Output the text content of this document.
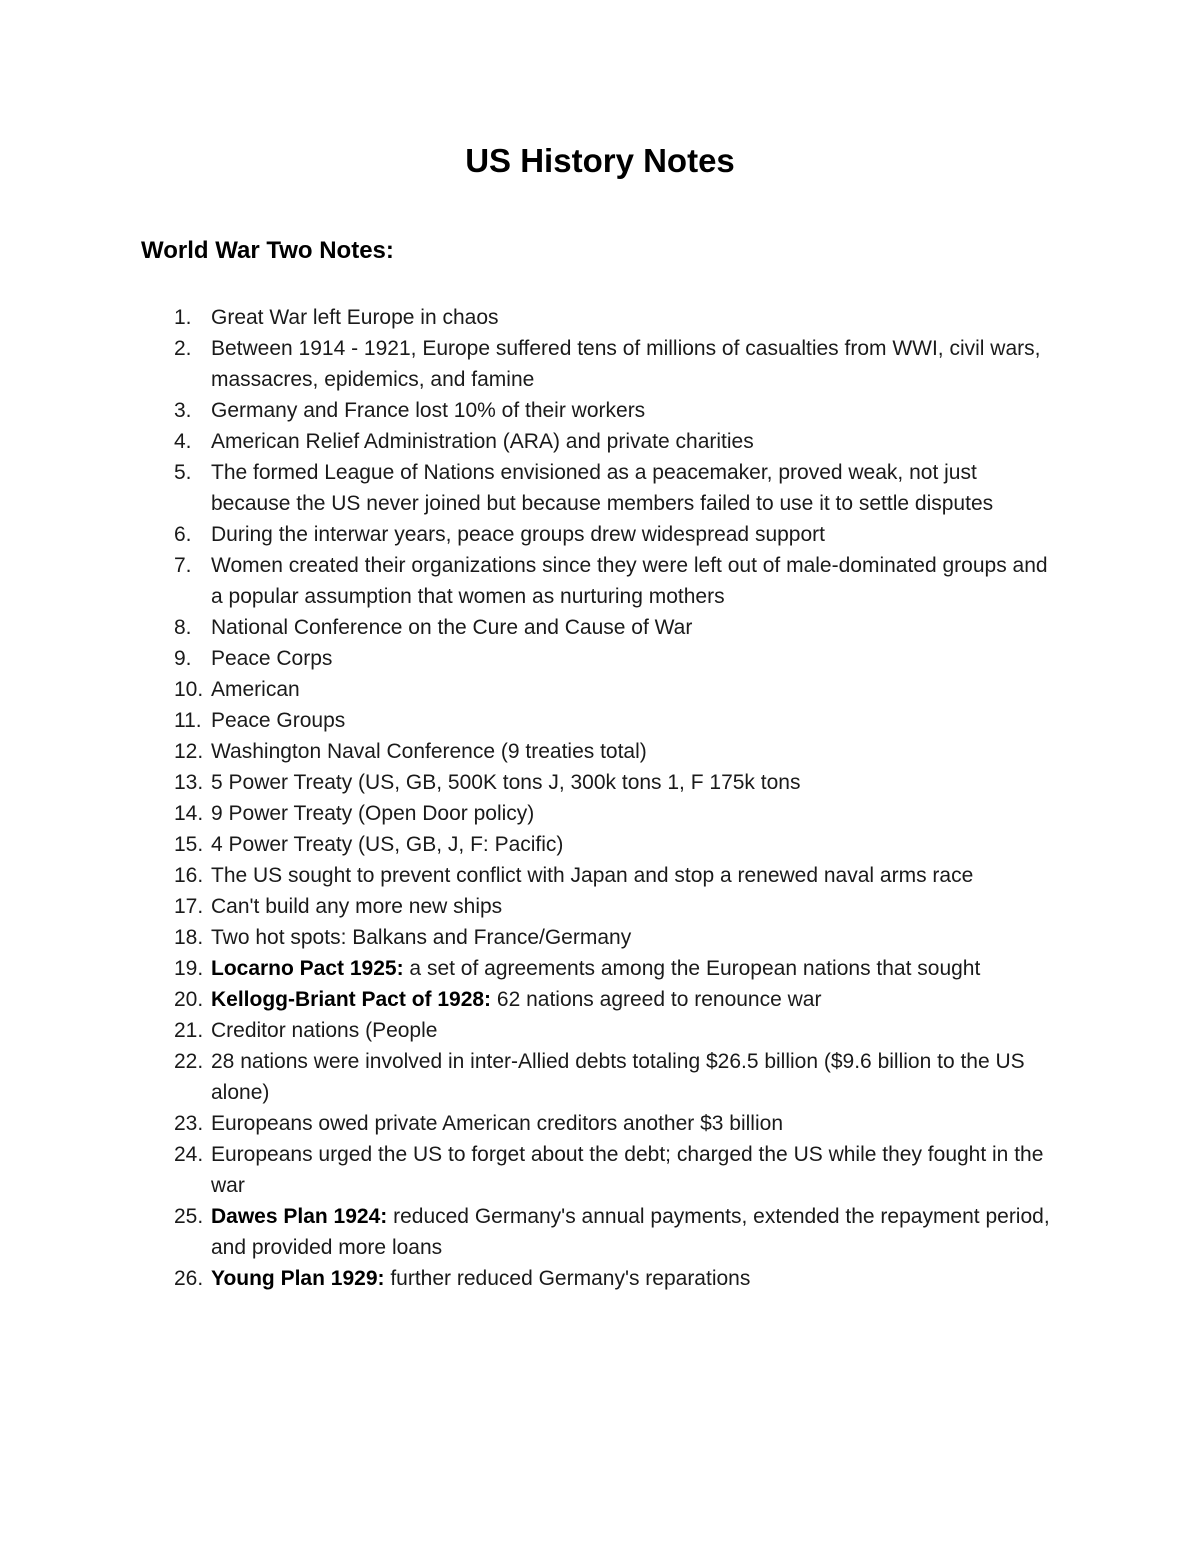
US History Notes
World War Two Notes:
1. Great War left Europe in chaos
2. Between 1914 - 1921, Europe suffered tens of millions of casualties from WWI, civil wars, massacres, epidemics, and famine
3. Germany and France lost 10% of their workers
4. American Relief Administration (ARA) and private charities
5. The formed League of Nations envisioned as a peacemaker, proved weak, not just because the US never joined but because members failed to use it to settle disputes
6. During the interwar years, peace groups drew widespread support
7. Women created their organizations since they were left out of male-dominated groups and a popular assumption that women as nurturing mothers
8. National Conference on the Cure and Cause of War
9. Peace Corps
10. American
11. Peace Groups
12. Washington Naval Conference (9 treaties total)
13. 5 Power Treaty (US, GB, 500K tons J, 300k tons 1, F 175k tons
14. 9 Power Treaty (Open Door policy)
15. 4 Power Treaty (US, GB, J, F: Pacific)
16. The US sought to prevent conflict with Japan and stop a renewed naval arms race
17. Can't build any more new ships
18. Two hot spots: Balkans and France/Germany
19. Locarno Pact 1925: a set of agreements among the European nations that sought
20. Kellogg-Briant Pact of 1928: 62 nations agreed to renounce war
21. Creditor nations (People
22. 28 nations were involved in inter-Allied debts totaling $26.5 billion ($9.6 billion to the US alone)
23. Europeans owed private American creditors another $3 billion
24. Europeans urged the US to forget about the debt; charged the US while they fought in the war
25. Dawes Plan 1924: reduced Germany's annual payments, extended the repayment period, and provided more loans
26. Young Plan 1929: further reduced Germany's reparations
